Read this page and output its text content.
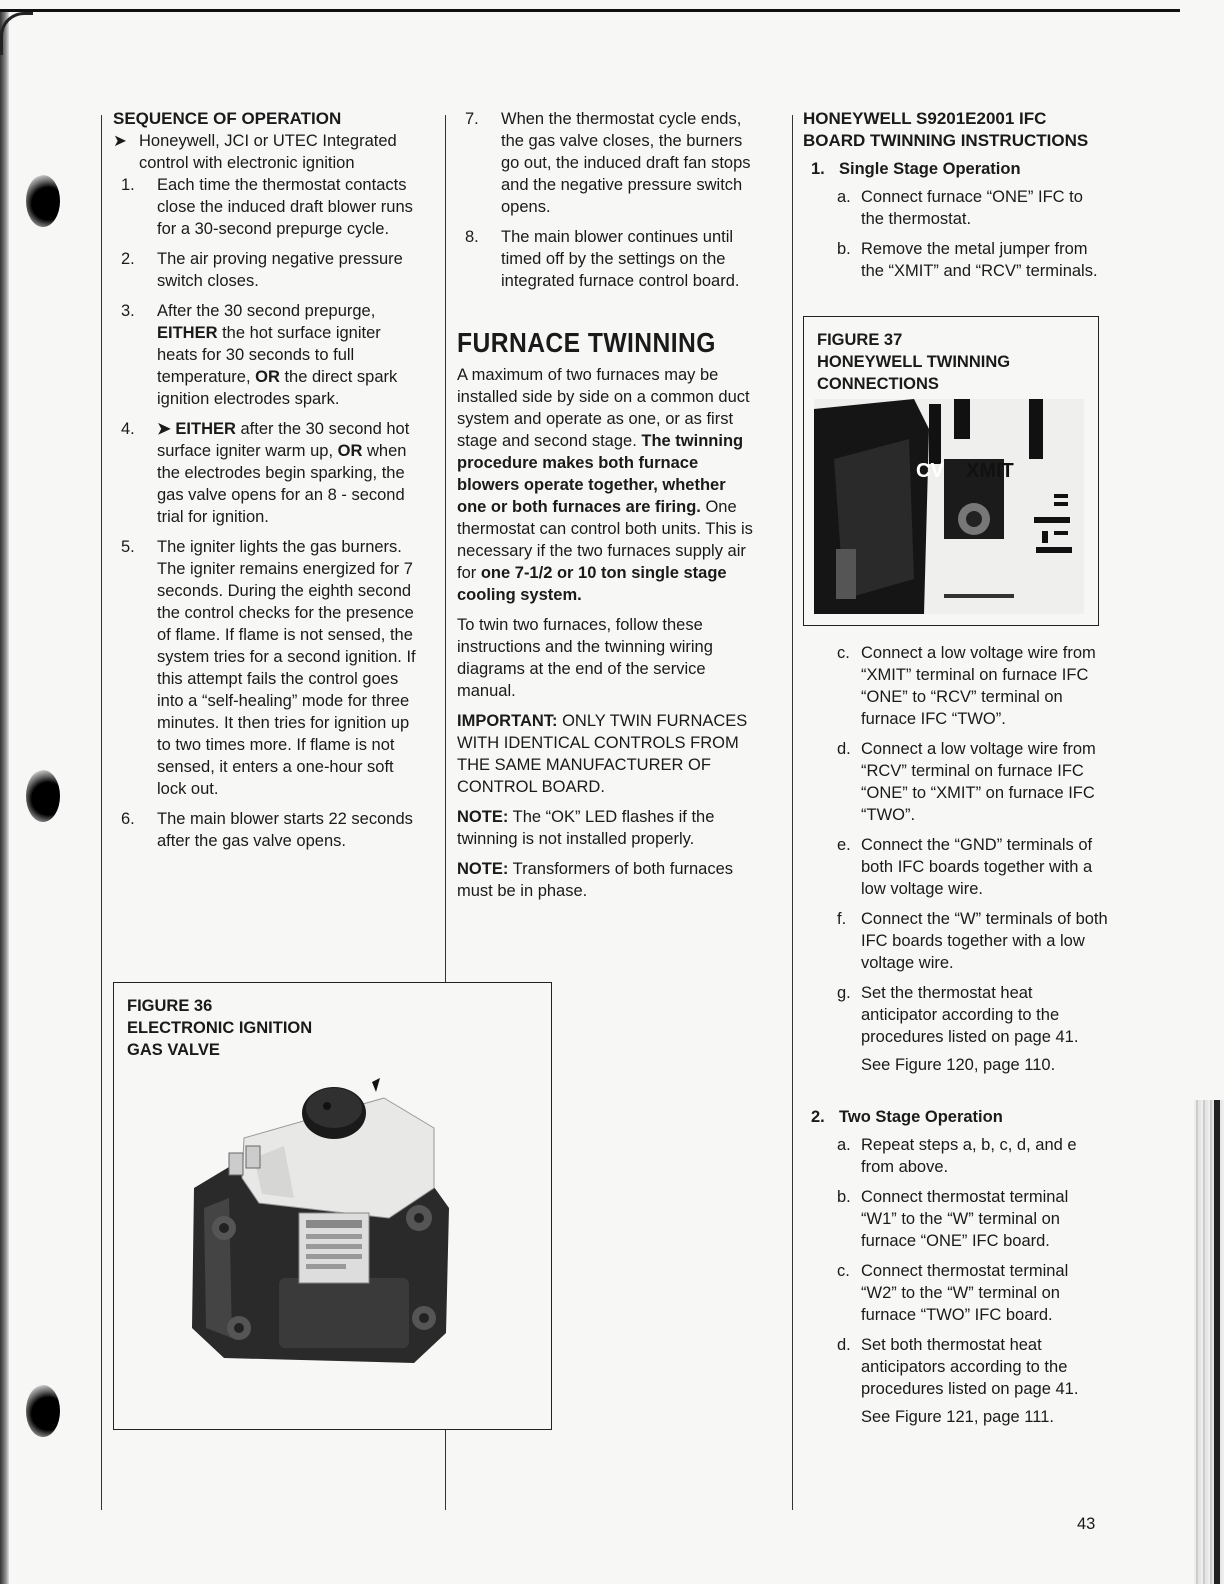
SEQUENCE OF OPERATION

➤ Honeywell, JCI or UTEC Integrated control with electronic ignition
1.	Each time the thermostat contacts close the induced draft blower runs for a 30-second prepurge cycle.
2.	The air proving negative pressure switch closes.
3.	After the 30 second prepurge, EITHER the hot surface igniter heats for 30 seconds to full temperature, OR the direct spark ignition electrodes spark.
4.	➤ EITHER after the 30 second hot surface igniter warm up, OR when the electrodes begin sparking, the gas valve opens for an 8 - second trial for ignition.
5.	The igniter lights the gas burners. The igniter remains energized for 7 seconds. During the eighth second the control checks for the presence of flame. If flame is not sensed, the system tries for a second ignition. If this attempt fails the control goes into a “self-healing” mode for three minutes. It then tries for ignition up to two times more. If flame is not sensed, it enters a one-hour soft lock out.
6.	The main blower starts 22 seconds after the gas valve opens.
FIGURE 36
ELECTRONIC IGNITION
GAS VALVE
7.	When the thermostat cycle ends, the gas valve closes, the burners go out, the induced draft fan stops and the negative pressure switch opens.
8.	The main blower continues until timed off by the settings on the integrated furnace control board.
FURNACE TWINNING

A maximum of two furnaces may be installed side by side on a common duct system and operate as one, or as first stage and second stage. The twinning procedure makes both furnace blowers operate together, whether one or both furnaces are firing. One thermostat can control both units. This is necessary if the two furnaces supply air for one 7-1/2 or 10 ton single stage cooling system.

To twin two furnaces, follow these instructions and the twinning wiring diagrams at the end of the service manual.

IMPORTANT: ONLY TWIN FURNACES WITH IDENTICAL CONTROLS FROM THE SAME MANUFACTURER OF CONTROL BOARD.

NOTE: The “OK” LED flashes if the twinning is not installed properly.

NOTE: Transformers of both furnaces must be in phase.

HONEYWELL S9201E2001 IFC
BOARD TWINNING INSTRUCTIONS

1. Single Stage Operation
a. Connect furnace “ONE” IFC to the thermostat.
b. Remove the metal jumper from the “XMIT” and “RCV” terminals.
FIGURE 37
HONEYWELL TWINNING
CONNECTIONS
CV XMIT
c. Connect a low voltage wire from “XMIT” terminal on furnace IFC “ONE” to “RCV” terminal on furnace IFC “TWO”.
d. Connect a low voltage wire from “RCV” terminal on furnace IFC “ONE” to “XMIT” on furnace IFC “TWO”.
e. Connect the “GND” terminals of both IFC boards together with a low voltage wire.
f. Connect the “W” terminals of both IFC boards together with a low voltage wire.
g. Set the thermostat heat anticipator according to the procedures listed on page 41.

See Figure 120, page 110.

2. Two Stage Operation
a. Repeat steps a, b, c, d, and e from above.
b. Connect thermostat terminal “W1” to the “W” terminal on furnace “ONE” IFC board.
c. Connect thermostat terminal “W2” to the “W” terminal on furnace “TWO” IFC board.
d. Set both thermostat heat anticipators according to the procedures listed on page 41.

See Figure 121, page 111.

43
